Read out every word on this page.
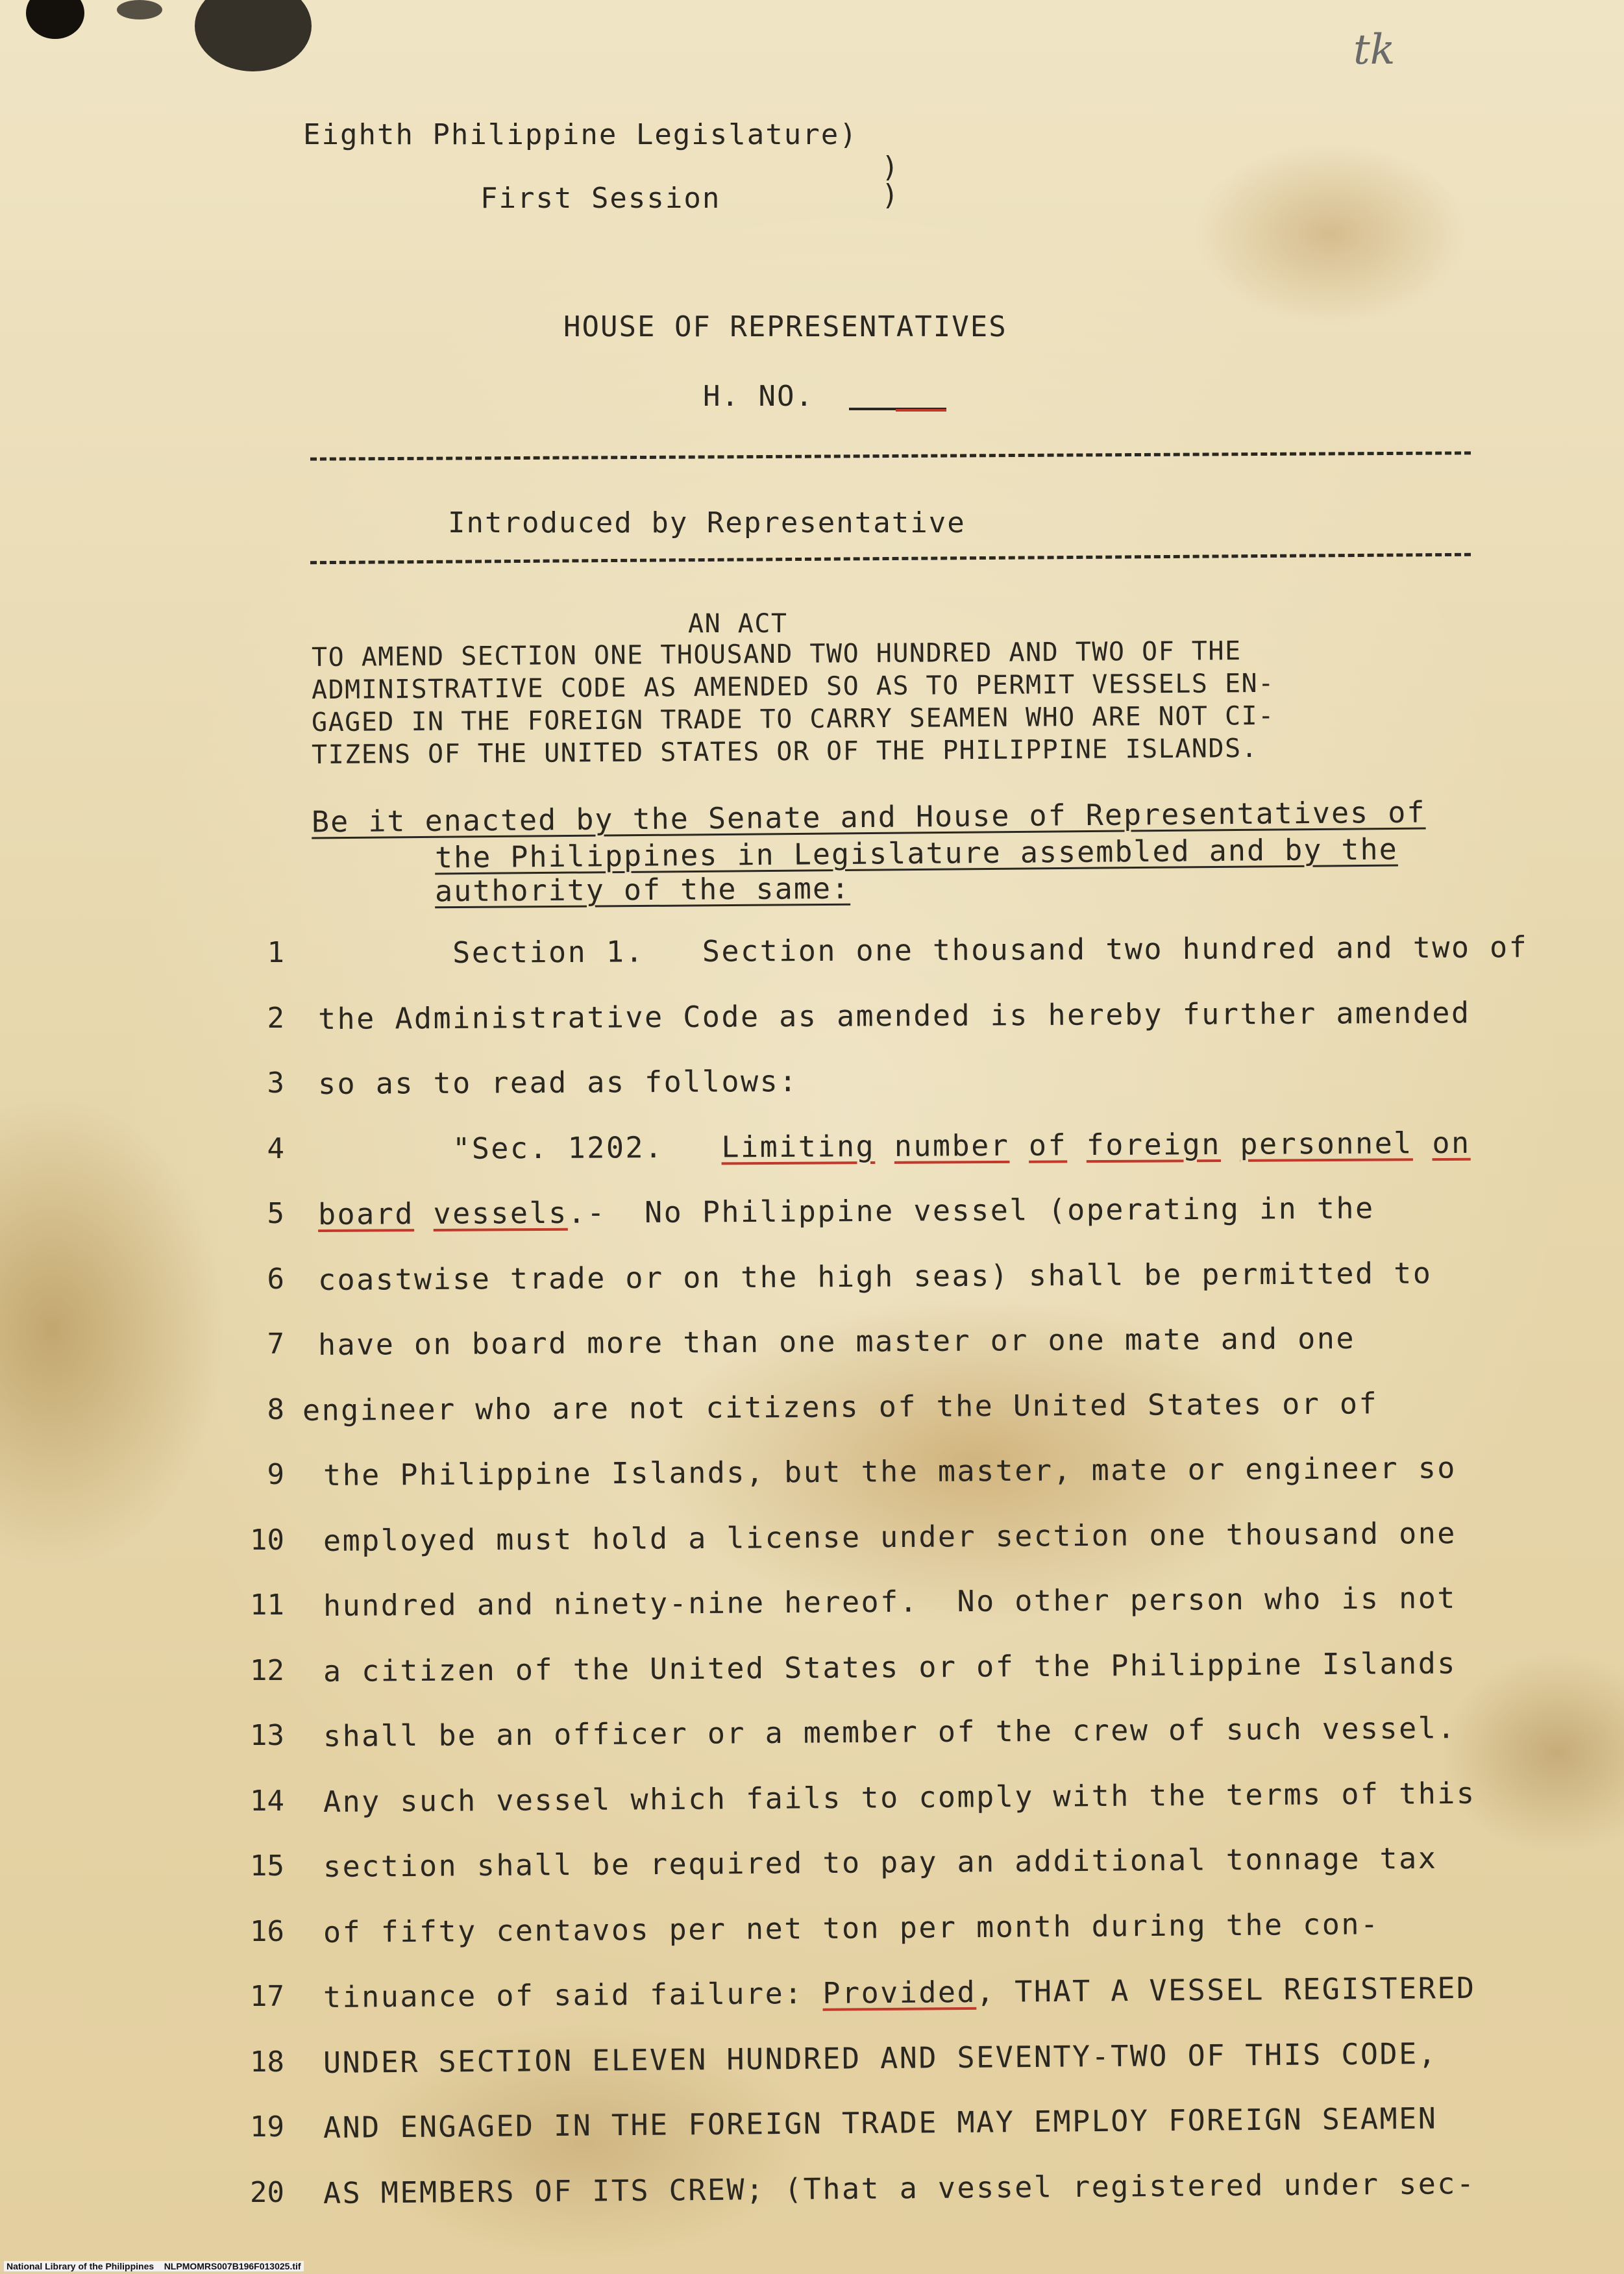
tk
Eighth Philippine Legislature)
)
First Session	)
HOUSE OF REPRESENTATIVES
H. NO.
Introduced by Representative
AN ACT
TO AMEND SECTION ONE THOUSAND TWO HUNDRED AND TWO OF THE
ADMINISTRATIVE CODE AS AMENDED SO AS TO PERMIT VESSELS EN-
GAGED IN THE FOREIGN TRADE TO CARRY SEAMEN WHO ARE NOT CI-
TIZENS OF THE UNITED STATES OR OF THE PHILIPPINE ISLANDS.
Be it enacted by the Senate and House of Representatives of
the Philippines in Legislature assembled and by the
authority of the same:
1 Section 1.   Section one thousand two hundred and two of
2 the Administrative Code as amended is hereby further amended
3 so as to read as follows:
4 "Sec. 1202.   Limiting number of foreign personnel on
5 board vessels.-  No Philippine vessel (operating in the
6 coastwise trade or on the high seas) shall be permitted to
7 have on board more than one master or one mate and one
8 engineer who are not citizens of the United States or of
9 the Philippine Islands, but the master, mate or engineer so
10 employed must hold a license under section one thousand one
11 hundred and ninety-nine hereof.  No other person who is not
12 a citizen of the United States or of the Philippine Islands
13 shall be an officer or a member of the crew of such vessel.
14 Any such vessel which fails to comply with the terms of this
15 section shall be required to pay an additional tonnage tax
16 of fifty centavos per net ton per month during the con-
17 tinuance of said failure: Provided, THAT A VESSEL REGISTERED
18 UNDER SECTION ELEVEN HUNDRED AND SEVENTY-TWO OF THIS CODE,
19 AND ENGAGED IN THE FOREIGN TRADE MAY EMPLOY FOREIGN SEAMEN
20 AS MEMBERS OF ITS CREW; (That a vessel registered under sec-
National Library of the Philippines    NLPMOMRS007B196F013025.tif
